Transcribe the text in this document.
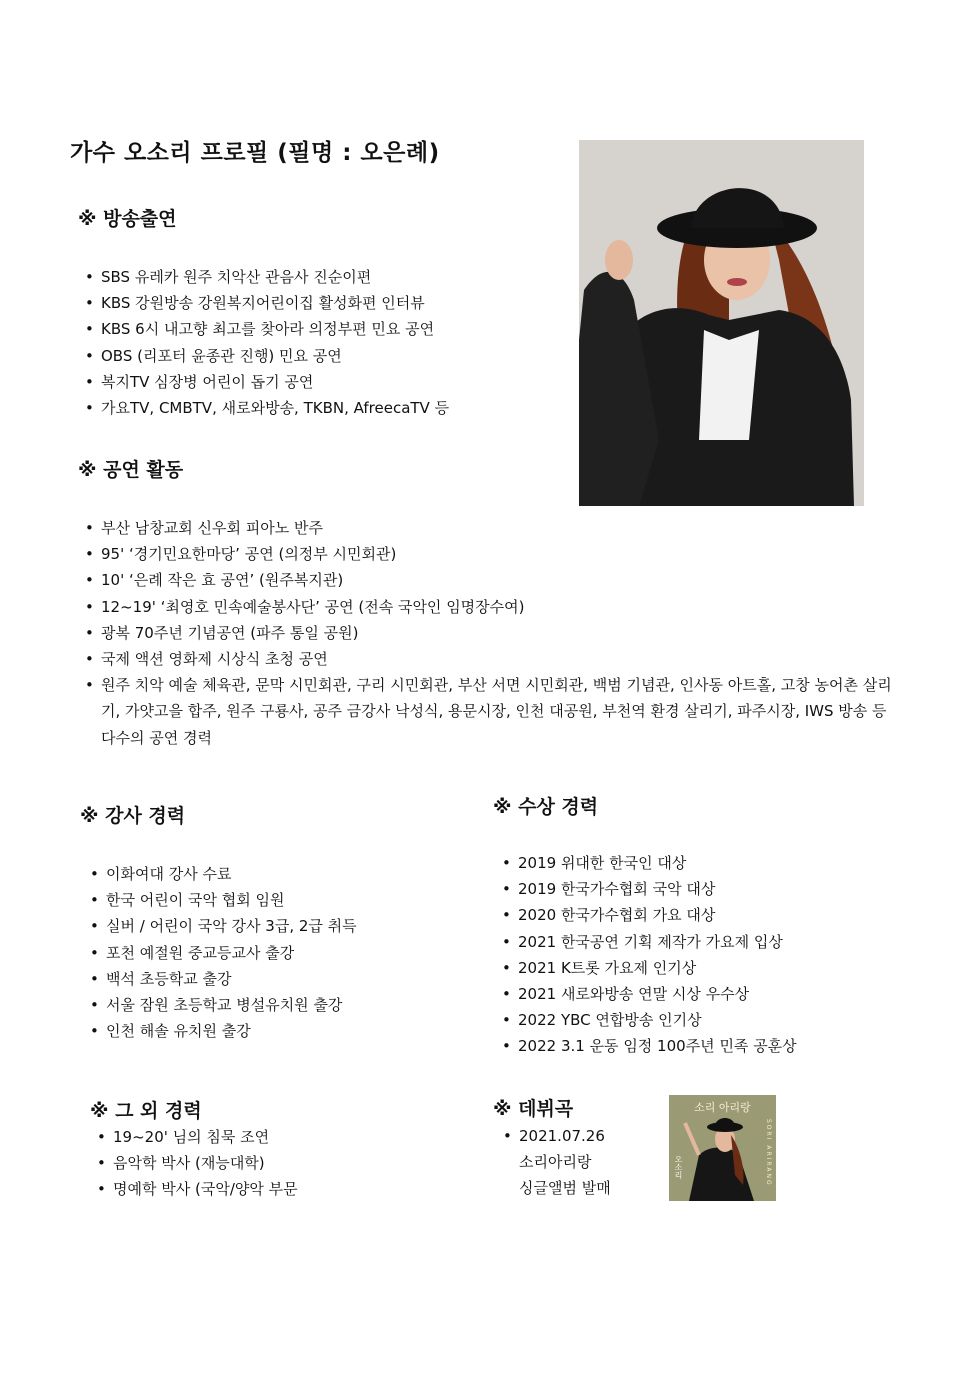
가수 오소리 프로필 (필명 : 오은례)
※ 방송출연
• SBS 유레카 원주 치악산 관음사 진순이편
• KBS 강원방송 강원복지어린이집 활성화편 인터뷰
• KBS 6시 내고향 최고를 찾아라 의정부편 민요 공연
• OBS (리포터 윤종관 진행) 민요 공연
• 복지TV 심장병 어린이 돕기 공연
• 가요TV, CMBTV, 새로와방송, TKBN, AfreecaTV 등
※ 공연 활동
• 부산 남창교회 신우회 피아노 반주
• 95' ‘경기민요한마당’ 공연 (의정부 시민회관)
• 10' ‘은례 작은 효 공연’ (원주복지관)
• 12~19' ‘최영호 민속예술봉사단’ 공연 (전속 국악인 임명장수여)
• 광복 70주년 기념공연 (파주 통일 공원)
• 국제 액션 영화제 시상식 초청 공연
• 원주 치악 예술 체육관, 문막 시민회관, 구리 시민회관, 부산 서면 시민회관, 백범 기념관, 인사동 아트홀, 고창 농어촌 살리기, 가얏고을 합주, 원주 구룡사, 공주 금강사 낙성식, 용문시장, 인천 대공원, 부천역 환경 살리기, 파주시장, IWS 방송 등 다수의 공연 경력
※ 강사 경력
• 이화여대 강사 수료
• 한국 어린이 국악 협회 임원
• 실버 / 어린이 국악 강사 3급, 2급 취득
• 포천 예절원 중교등교사 출강
• 백석 초등학교 출강
• 서울 잠원 초등학교 병설유치원 출강
• 인천 해솔 유치원 출강
※ 수상 경력
• 2019 위대한 한국인 대상
• 2019 한국가수협회 국악 대상
• 2020 한국가수협회 가요 대상
• 2021 한국공연 기획 제작가 가요제 입상
• 2021 K트롯 가요제 인기상
• 2021 새로와방송 연말 시상 우수상
• 2022 YBC 연합방송 인기상
• 2022 3.1 운동 임정 100주년 민족 공훈상
※ 그 외 경력
• 19~20' 님의 침묵 조연
• 음악학 박사 (재능대학)
• 명예학 박사 (국악/양악 부문
※ 데뷔곡
• 2021.07.26
소리아리랑
싱글앨범 발매
소리 아리랑
SORI ARIRANG
오소리
